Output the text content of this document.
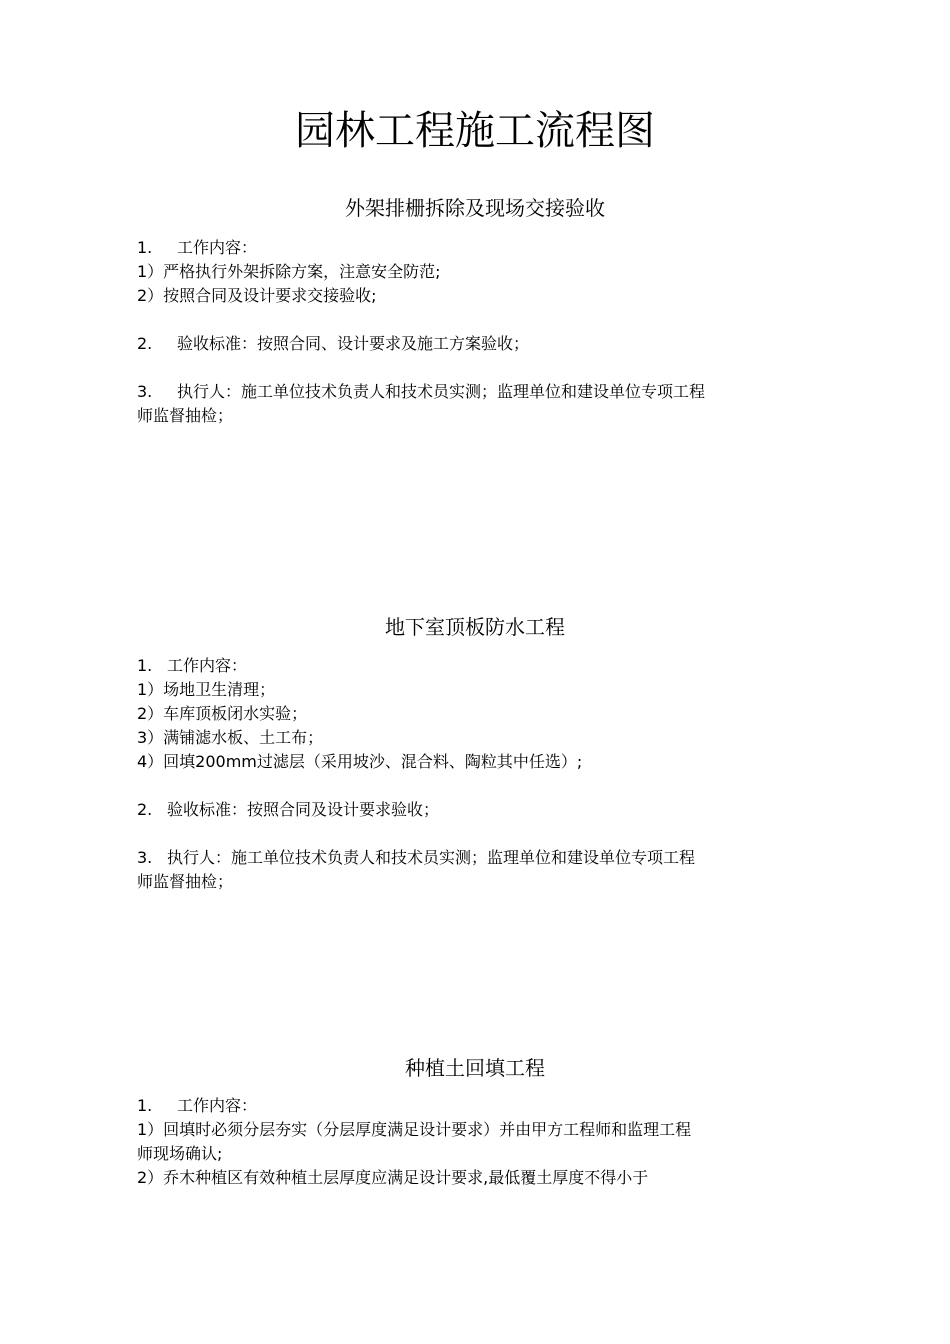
园林工程施工流程图
外架排栅拆除及现场交接验收

1. 工作内容：

1）严格执行外架拆除方案，注意安全防范;

2）按照合同及设计要求交接验收;

2. 验收标准：按照合同、设计要求及施工方案验收；

3. 执行人：施工单位技术负责人和技术员实测；监理单位和建设单位专项工程

师监督抽检；

地下室顶板防水工程

1. 工作内容：

1）场地卫生清理；

2）车库顶板闭水实验；

3）满铺滤水板、土工布；

4）回填200mm过滤层（采用坡沙、混合料、陶粒其中任选）;

2. 验收标准：按照合同及设计要求验收；

3. 执行人：施工单位技术负责人和技术员实测；监理单位和建设单位专项工程

师监督抽检；

种植土回填工程

1. 工作内容：

1）回填时必须分层夯实（分层厚度满足设计要求）并由甲方工程师和监理工程

师现场确认;

2）乔木种植区有效种植土层厚度应满足设计要求,最低覆土厚度不得小于
